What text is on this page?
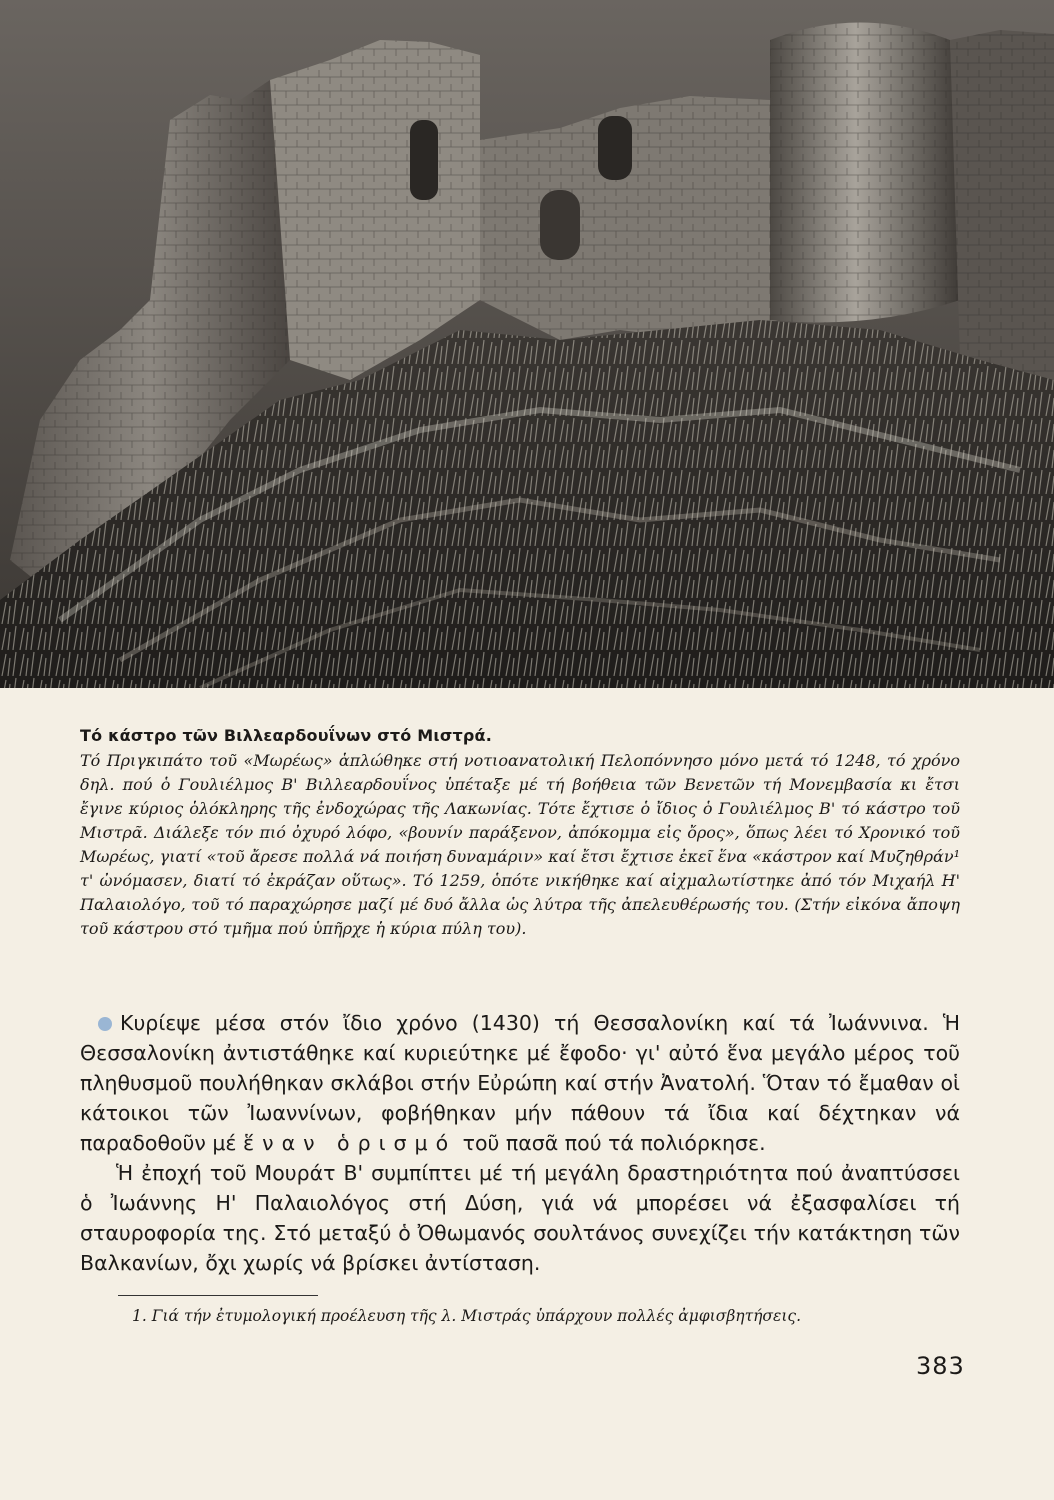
Τό κάστρο τῶν Βιλλεαρδουΐνων στό Μιστρά.

Τό Πριγκιπάτο τοῦ «Μωρέως» ἁπλώθηκε στή νοτιοανατολική Πελοπόννησο μόνο μετά τό 1248, τό χρόνο δηλ. πού ὁ Γουλιέλμος Β' Βιλλεαρδουΐνος ὑπέταξε μέ τή βοήθεια τῶν Βενετῶν τή Μονεμβασία κι ἔτσι ἔγινε κύριος ὁλόκληρης τῆς ἐνδοχώρας τῆς Λακωνίας. Τότε ἔχτισε ὁ ἴδιος ὁ Γουλιέλμος Β' τό κάστρο τοῦ Μιστρᾶ. Διάλεξε τόν πιό ὀχυρό λόφο, «βουνίν παράξενον, ἀπόκομμα εἰς ὄρος», ὅπως λέει τό Χρονικό τοῦ Μωρέως, γιατί «τοῦ ἄρεσε πολλά νά ποιήση δυναμάριν» καί ἔτσι ἔχτισε ἐκεῖ ἕνα «κάστρον καί Μυζηθράν¹ τ' ὠνόμασεν, διατί τό ἐκράζαν οὕτως». Τό 1259, ὁπότε νικήθηκε καί αἰχμαλωτίστηκε ἀπό τόν Μιχαήλ Η' Παλαιολόγο, τοῦ τό παραχώρησε μαζί μέ δυό ἄλλα ὡς λύτρα τῆς ἀπελευθέρωσής του. (Στήν εἰκόνα ἄποψη τοῦ κάστρου στό τμῆμα πού ὑπῆρχε ἡ κύρια πύλη του).

Κυρίεψε μέσα στόν ἴδιο χρόνο (1430) τή Θεσσαλονίκη καί τά Ἰωάννινα. Ἡ Θεσσαλονίκη ἀντιστάθηκε καί κυριεύτηκε μέ ἔφοδο· γι' αὐτό ἕνα μεγάλο μέρος τοῦ πληθυσμοῦ πουλήθηκαν σκλάβοι στήν Εὐρώπη καί στήν Ἀνατολή. Ὅταν τό ἔμαθαν οἱ κάτοικοι τῶν Ἰωαννίνων, φοβήθηκαν μήν πάθουν τά ἴδια καί δέχτηκαν νά παραδοθοῦν μέ ἕναν ὁρισμό τοῦ πασᾶ πού τά πολιόρκησε.

Ἡ ἐποχή τοῦ Μουράτ Β' συμπίπτει μέ τή μεγάλη δραστηριότητα πού ἀναπτύσσει ὁ Ἰωάννης Η' Παλαιολόγος στή Δύση, γιά νά μπορέσει νά ἐξασφαλίσει τή σταυροφορία της. Στό μεταξύ ὁ Ὀθωμανός σουλτάνος συνεχίζει τήν κατάκτηση τῶν Βαλκανίων, ὄχι χωρίς νά βρίσκει ἀντίσταση.

1. Γιά τήν ἐτυμολογική προέλευση τῆς λ. Μιστράς ὑπάρχουν πολλές ἀμφισβητήσεις.
383
